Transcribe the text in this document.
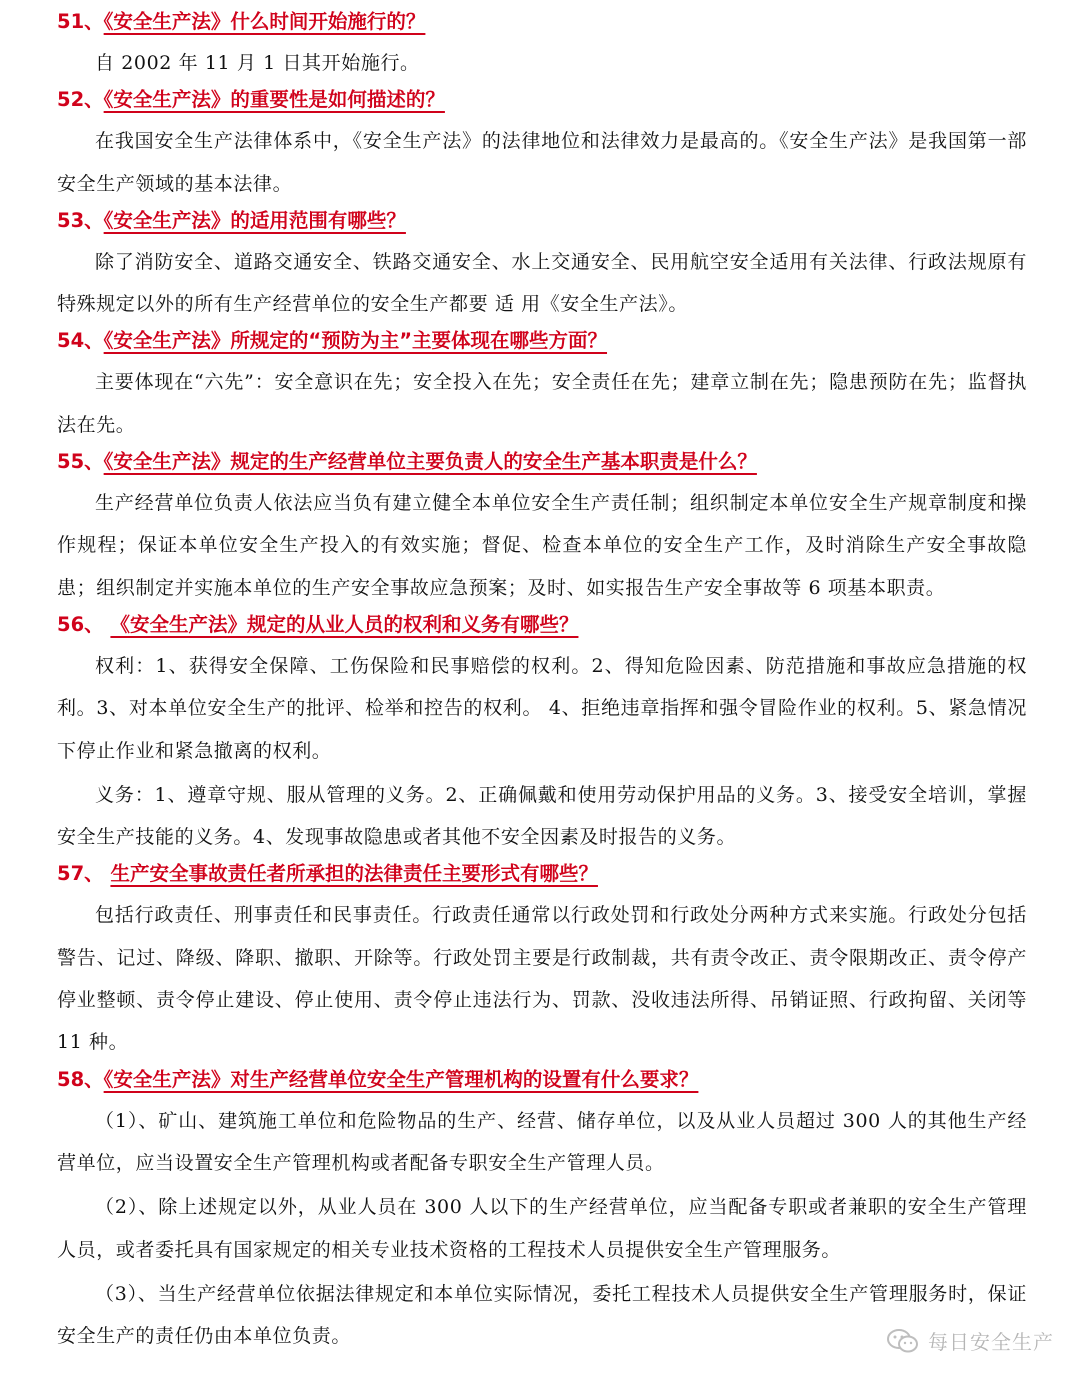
51、《安全生产法》什么时间开始施行的？

自 2002 年 11 月 1 日其开始施行。

52、《安全生产法》的重要性是如何描述的？

在我国安全生产法律体系中，《安全生产法》的法律地位和法律效力是最高的。《安全生产法》是我国第一部安全生产领域的基本法律。

53、《安全生产法》的适用范围有哪些？

除了消防安全、道路交通安全、铁路交通安全、水上交通安全、民用航空安全适用有关法律、行政法规原有特殊规定以外的所有生产经营单位的安全生产都要 适 用《安全生产法》。

54、《安全生产法》所规定的“预防为主”主要体现在哪些方面？

主要体现在“六先”：安全意识在先；安全投入在先；安全责任在先；建章立制在先；隐患预防在先；监督执法在先。

55、《安全生产法》规定的生产经营单位主要负责人的安全生产基本职责是什么？

生产经营单位负责人依法应当负有建立健全本单位安全生产责任制；组织制定本单位安全生产规章制度和操作规程；保证本单位安全生产投入的有效实施；督促、检查本单位的安全生产工作，及时消除生产安全事故隐患；组织制定并实施本单位的生产安全事故应急预案；及时、如实报告生产安全事故等 6 项基本职责。

56、 《安全生产法》规定的从业人员的权利和义务有哪些？

权利：1、获得安全保障、工伤保险和民事赔偿的权利。2、得知危险因素、防范措施和事故应急措施的权利。3、对本单位安全生产的批评、检举和控告的权利。 4、拒绝违章指挥和强令冒险作业的权利。5、紧急情况下停止作业和紧急撤离的权利。

义务：1、遵章守规、服从管理的义务。2、正确佩戴和使用劳动保护用品的义务。3、接受安全培训，掌握安全生产技能的义务。4、发现事故隐患或者其他不安全因素及时报告的义务。

57、 生产安全事故责任者所承担的法律责任主要形式有哪些？

包括行政责任、刑事责任和民事责任。行政责任通常以行政处罚和行政处分两种方式来实施。行政处分包括警告、记过、降级、降职、撤职、开除等。行政处罚主要是行政制裁，共有责令改正、责令限期改正、责令停产停业整顿、责令停止建设、停止使用、责令停止违法行为、罚款、没收违法所得、吊销证照、行政拘留、关闭等 11 种。

58、《安全生产法》对生产经营单位安全生产管理机构的设置有什么要求？

（1）、矿山、建筑施工单位和危险物品的生产、经营、储存单位，以及从业人员超过 300 人的其他生产经营单位，应当设置安全生产管理机构或者配备专职安全生产管理人员。

（2）、除上述规定以外，从业人员在 300 人以下的生产经营单位，应当配备专职或者兼职的安全生产管理人员，或者委托具有国家规定的相关专业技术资格的工程技术人员提供安全生产管理服务。

（3）、当生产经营单位依据法律规定和本单位实际情况，委托工程技术人员提供安全生产管理服务时，保证安全生产的责任仍由本单位负责。	每日安全生产
